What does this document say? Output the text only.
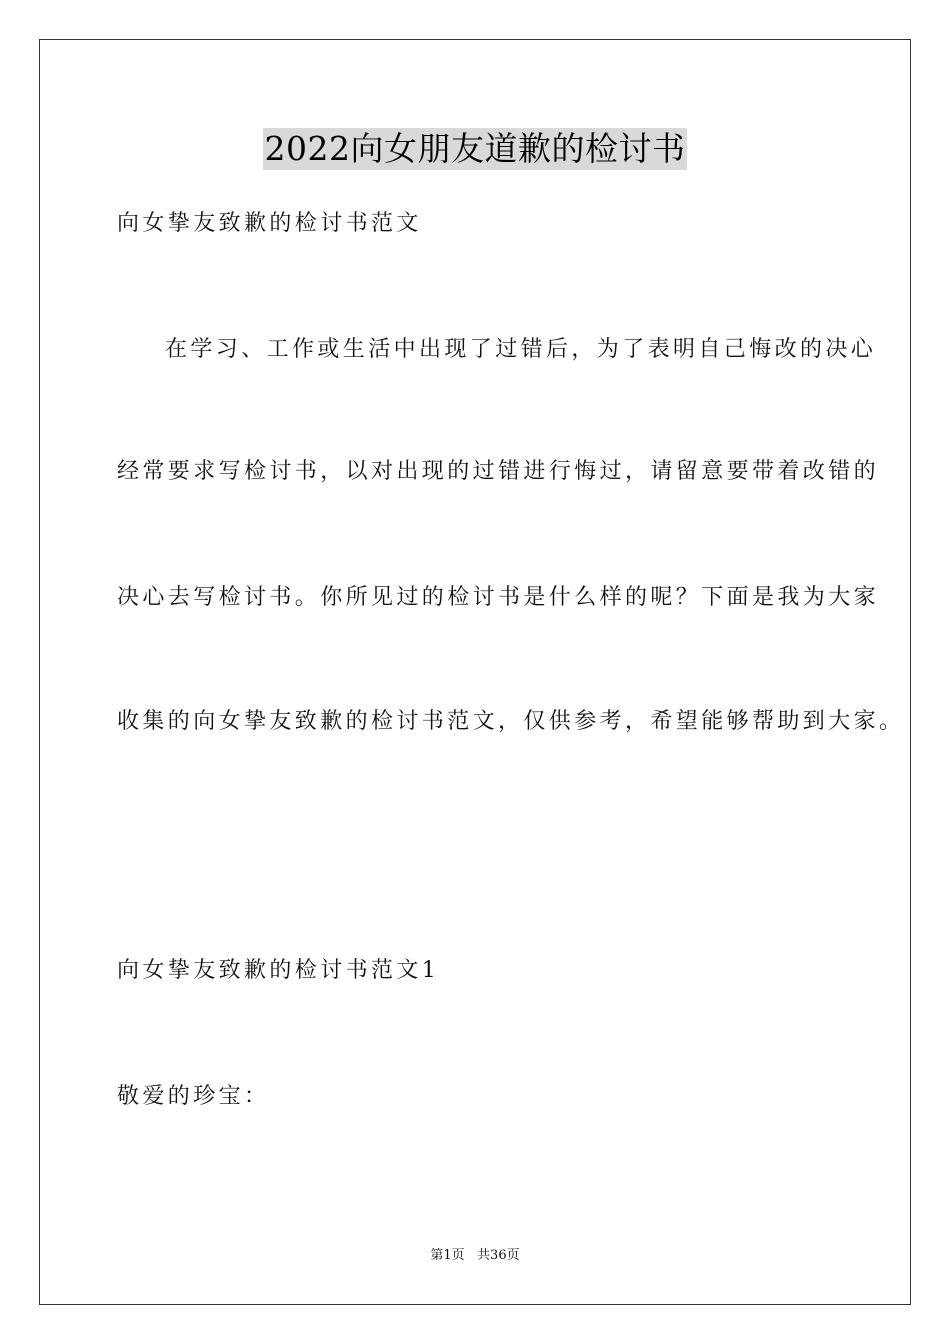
2022向女朋友道歉的检讨书
向女挚友致歉的检讨书范文
在学习、工作或生活中出现了过错后，为了表明自己悔改的决心
经常要求写检讨书，以对出现的过错进行悔过，请留意要带着改错的
决心去写检讨书。你所见过的检讨书是什么样的呢？下面是我为大家
收集的向女挚友致歉的检讨书范文，仅供参考，希望能够帮助到大家。
向女挚友致歉的检讨书范文1
敬爱的珍宝：
第1页   共36页
